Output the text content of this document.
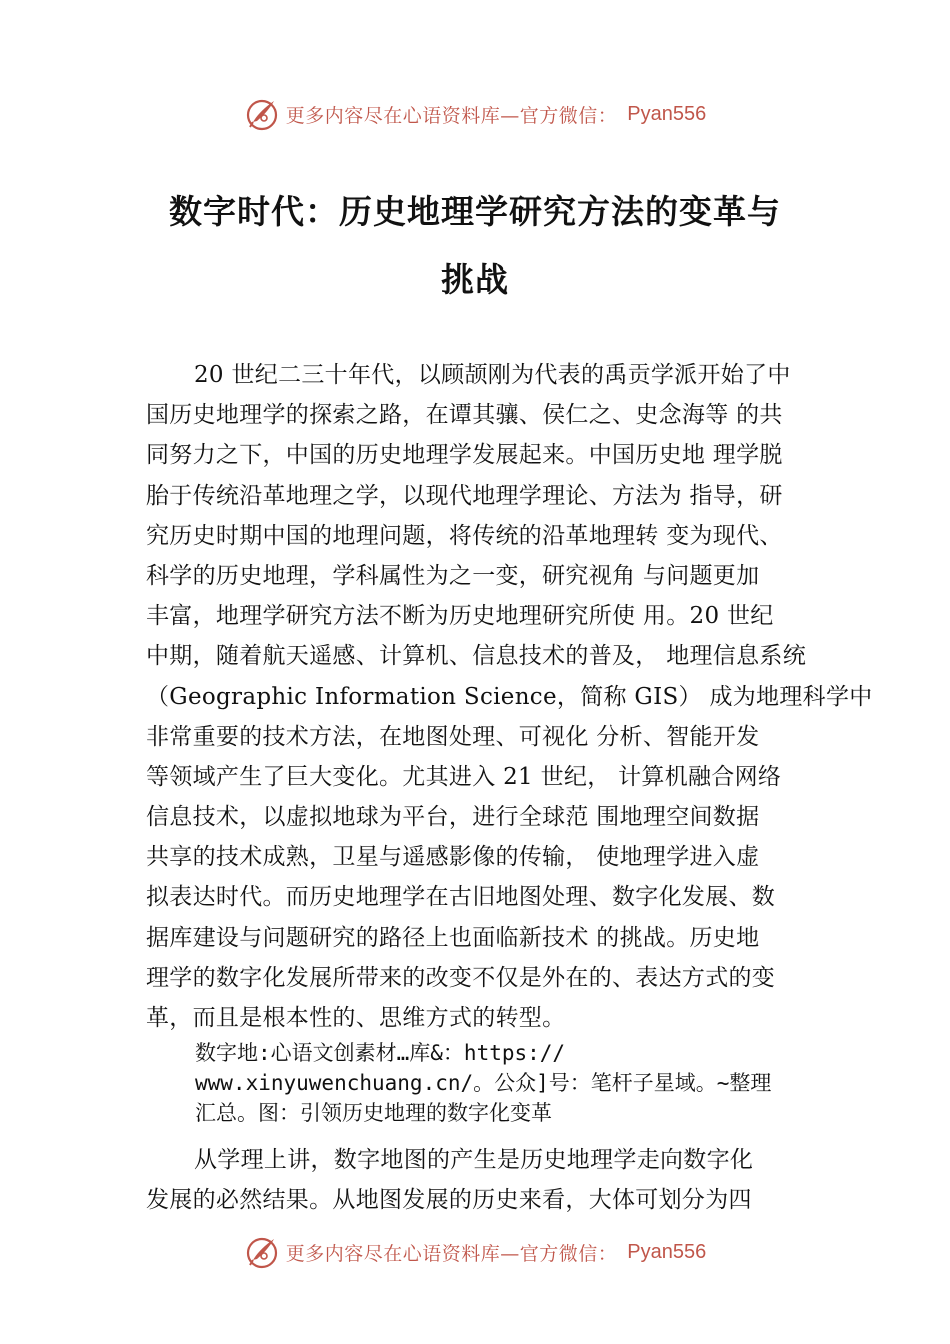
更多内容尽在心语资料库—官方微信： Pyan556
数字时代：历史地理学研究方法的变革与
挑战
20 世纪二三十年代，以顾颉刚为代表的禹贡学派开始了中
国历史地理学的探索之路，在谭其骧、侯仁之、史念海等 的共
同努力之下，中国的历史地理学发展起来。中国历史地 理学脱
胎于传统沿革地理之学，以现代地理学理论、方法为 指导，研
究历史时期中国的地理问题，将传统的沿革地理转 变为现代、
科学的历史地理，学科属性为之一变，研究视角 与问题更加
丰富，地理学研究方法不断为历史地理研究所使 用。20 世纪
中期，随着航天遥感、计算机、信息技术的普及， 地理信息系统
（Geographic Information Science，简称 GIS） 成为地理科学中
非常重要的技术方法，在地图处理、可视化 分析、智能开发
等领域产生了巨大变化。尤其进入 21 世纪， 计算机融合网络
信息技术，以虚拟地球为平台，进行全球范 围地理空间数据
共享的技术成熟，卫星与遥感影像的传输， 使地理学进入虚
拟表达时代。而历史地理学在古旧地图处理、数字化发展、数
据库建设与问题研究的路径上也面临新技术 的挑战。历史地
理学的数字化发展所带来的改变不仅是外在的、表达方式的变
革，而且是根本性的、思维方式的转型。
数字地:心语文创素材…库&：https://
www.xinyuwenchuang.cn/。公众]号：笔杆子星域。~整理
汇总。图：引领历史地理的数字化变革
从学理上讲，数字地图的产生是历史地理学走向数字化
发展的必然结果。从地图发展的历史来看，大体可划分为四
更多内容尽在心语资料库—官方微信： Pyan556
